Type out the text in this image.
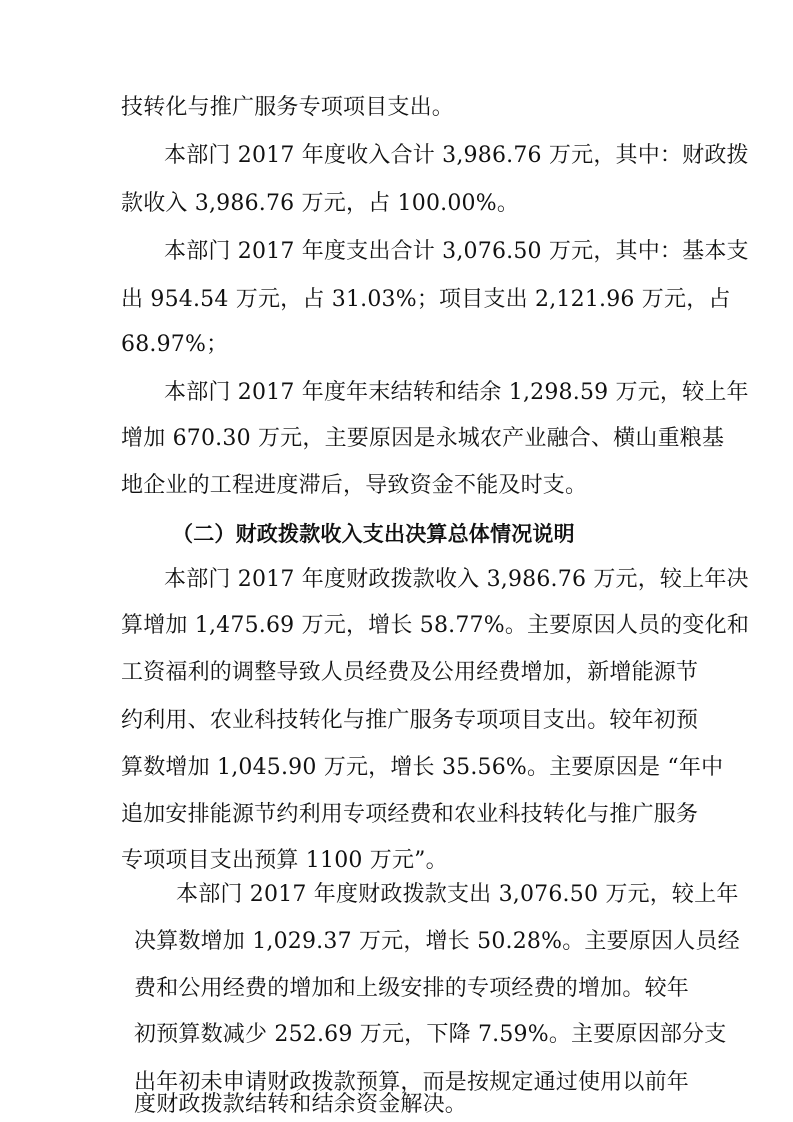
技转化与推广服务专项项目支出。
本部门 2017 年度收入合计 3,986.76 万元，其中：财政拨
款收入 3,986.76 万元，占 100.00%。
本部门 2017 年度支出合计 3,076.50 万元，其中：基本支
出 954.54 万元，占 31.03%；项目支出 2,121.96 万元，占
68.97%；
本部门 2017 年度年末结转和结余 1,298.59 万元，较上年
增加 670.30 万元，主要原因是永城农产业融合、横山重粮基
地企业的工程进度滞后，导致资金不能及时支。
（二）财政拨款收入支出决算总体情况说明
本部门 2017 年度财政拨款收入 3,986.76 万元，较上年决
算增加 1,475.69 万元，增长 58.77%。主要原因人员的变化和
工资福利的调整导致人员经费及公用经费增加，新增能源节
约利用、农业科技转化与推广服务专项项目支出。较年初预
算数增加 1,045.90 万元，增长 35.56%。主要原因是 “年中
追加安排能源节约利用专项经费和农业科技转化与推广服务
专项项目支出预算 1100 万元”。
本部门 2017 年度财政拨款支出 3,076.50 万元，较上年
决算数增加 1,029.37 万元，增长 50.28%。主要原因人员经
费和公用经费的增加和上级安排的专项经费的增加。较年
初预算数减少 252.69 万元，下降 7.59%。主要原因部分支
出年初未申请财政拨款预算，而是按规定通过使用以前年
度财政拨款结转和结余资金解决。
